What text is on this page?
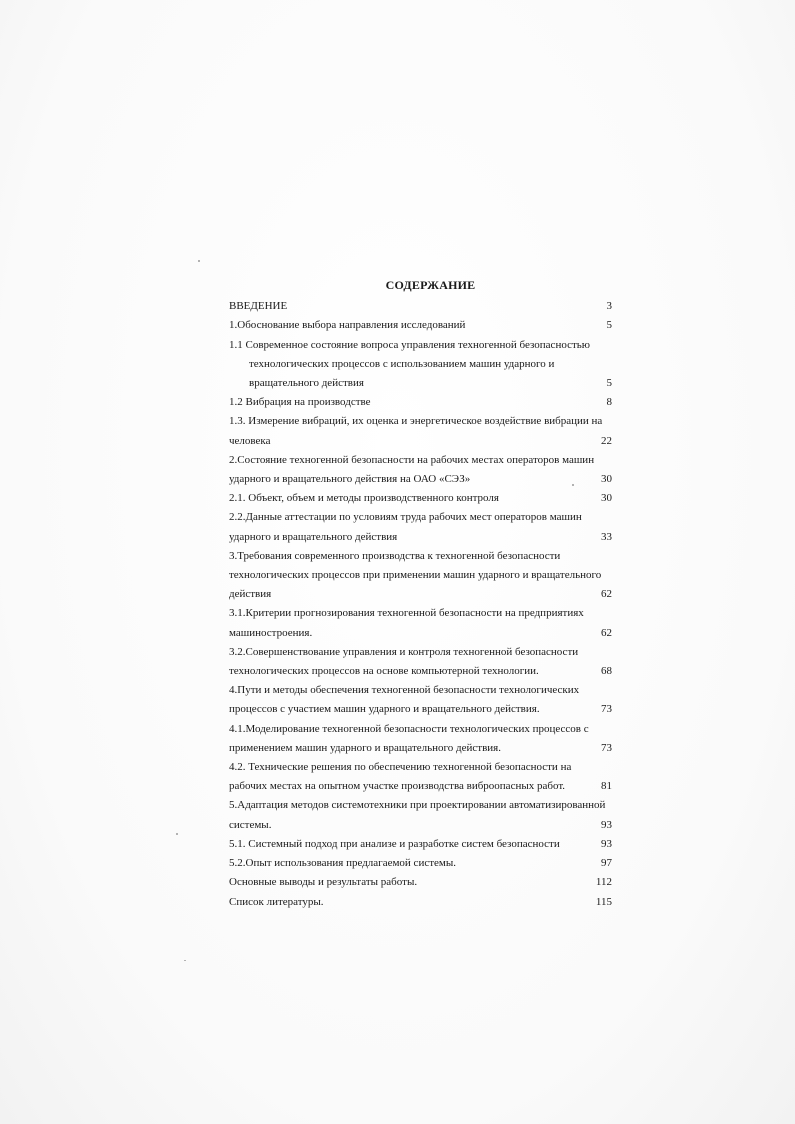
СОДЕРЖАНИЕ
ВВЕДЕНИЕ	3
1.Обоснование выбора направления исследований	5
1.1 Современное состояние вопроса управления техногенной безопасностью
технологических процессов с использованием машин ударного и
вращательного действия	5
1.2 Вибрация на производстве	8
1.3. Измерение вибраций, их оценка и энергетическое воздействие вибрации на
человека	22
2.Состояние техногенной безопасности на рабочих местах операторов машин
ударного и вращательного действия на ОАО «СЭЗ»	30
2.1. Объект, объем и методы производственного контроля	30
2.2.Данные аттестации по условиям труда рабочих мест операторов машин
ударного и вращательного действия	33
3.Требования современного производства к техногенной безопасности
технологических процессов при применении машин ударного и вращательного
действия	62
3.1.Критерии прогнозирования техногенной безопасности на предприятиях
машиностроения.	62
3.2.Совершенствование управления и контроля техногенной безопасности
технологических процессов на основе компьютерной технологии.	68
4.Пути и методы обеспечения техногенной безопасности технологических
процессов с участием машин ударного и вращательного действия.	73
4.1.Моделирование техногенной безопасности технологических процессов с
применением машин ударного и вращательного действия.	73
4.2. Технические решения по обеспечению техногенной безопасности на
рабочих местах на опытном участке производства виброопасных работ.	81
5.Адаптация методов системотехники при проектировании автоматизированной
системы.	93
5.1. Системный подход при анализе и разработке систем безопасности	93
5.2.Опыт использования предлагаемой системы.	97
Основные выводы и результаты работы.	112
Список литературы.	115
